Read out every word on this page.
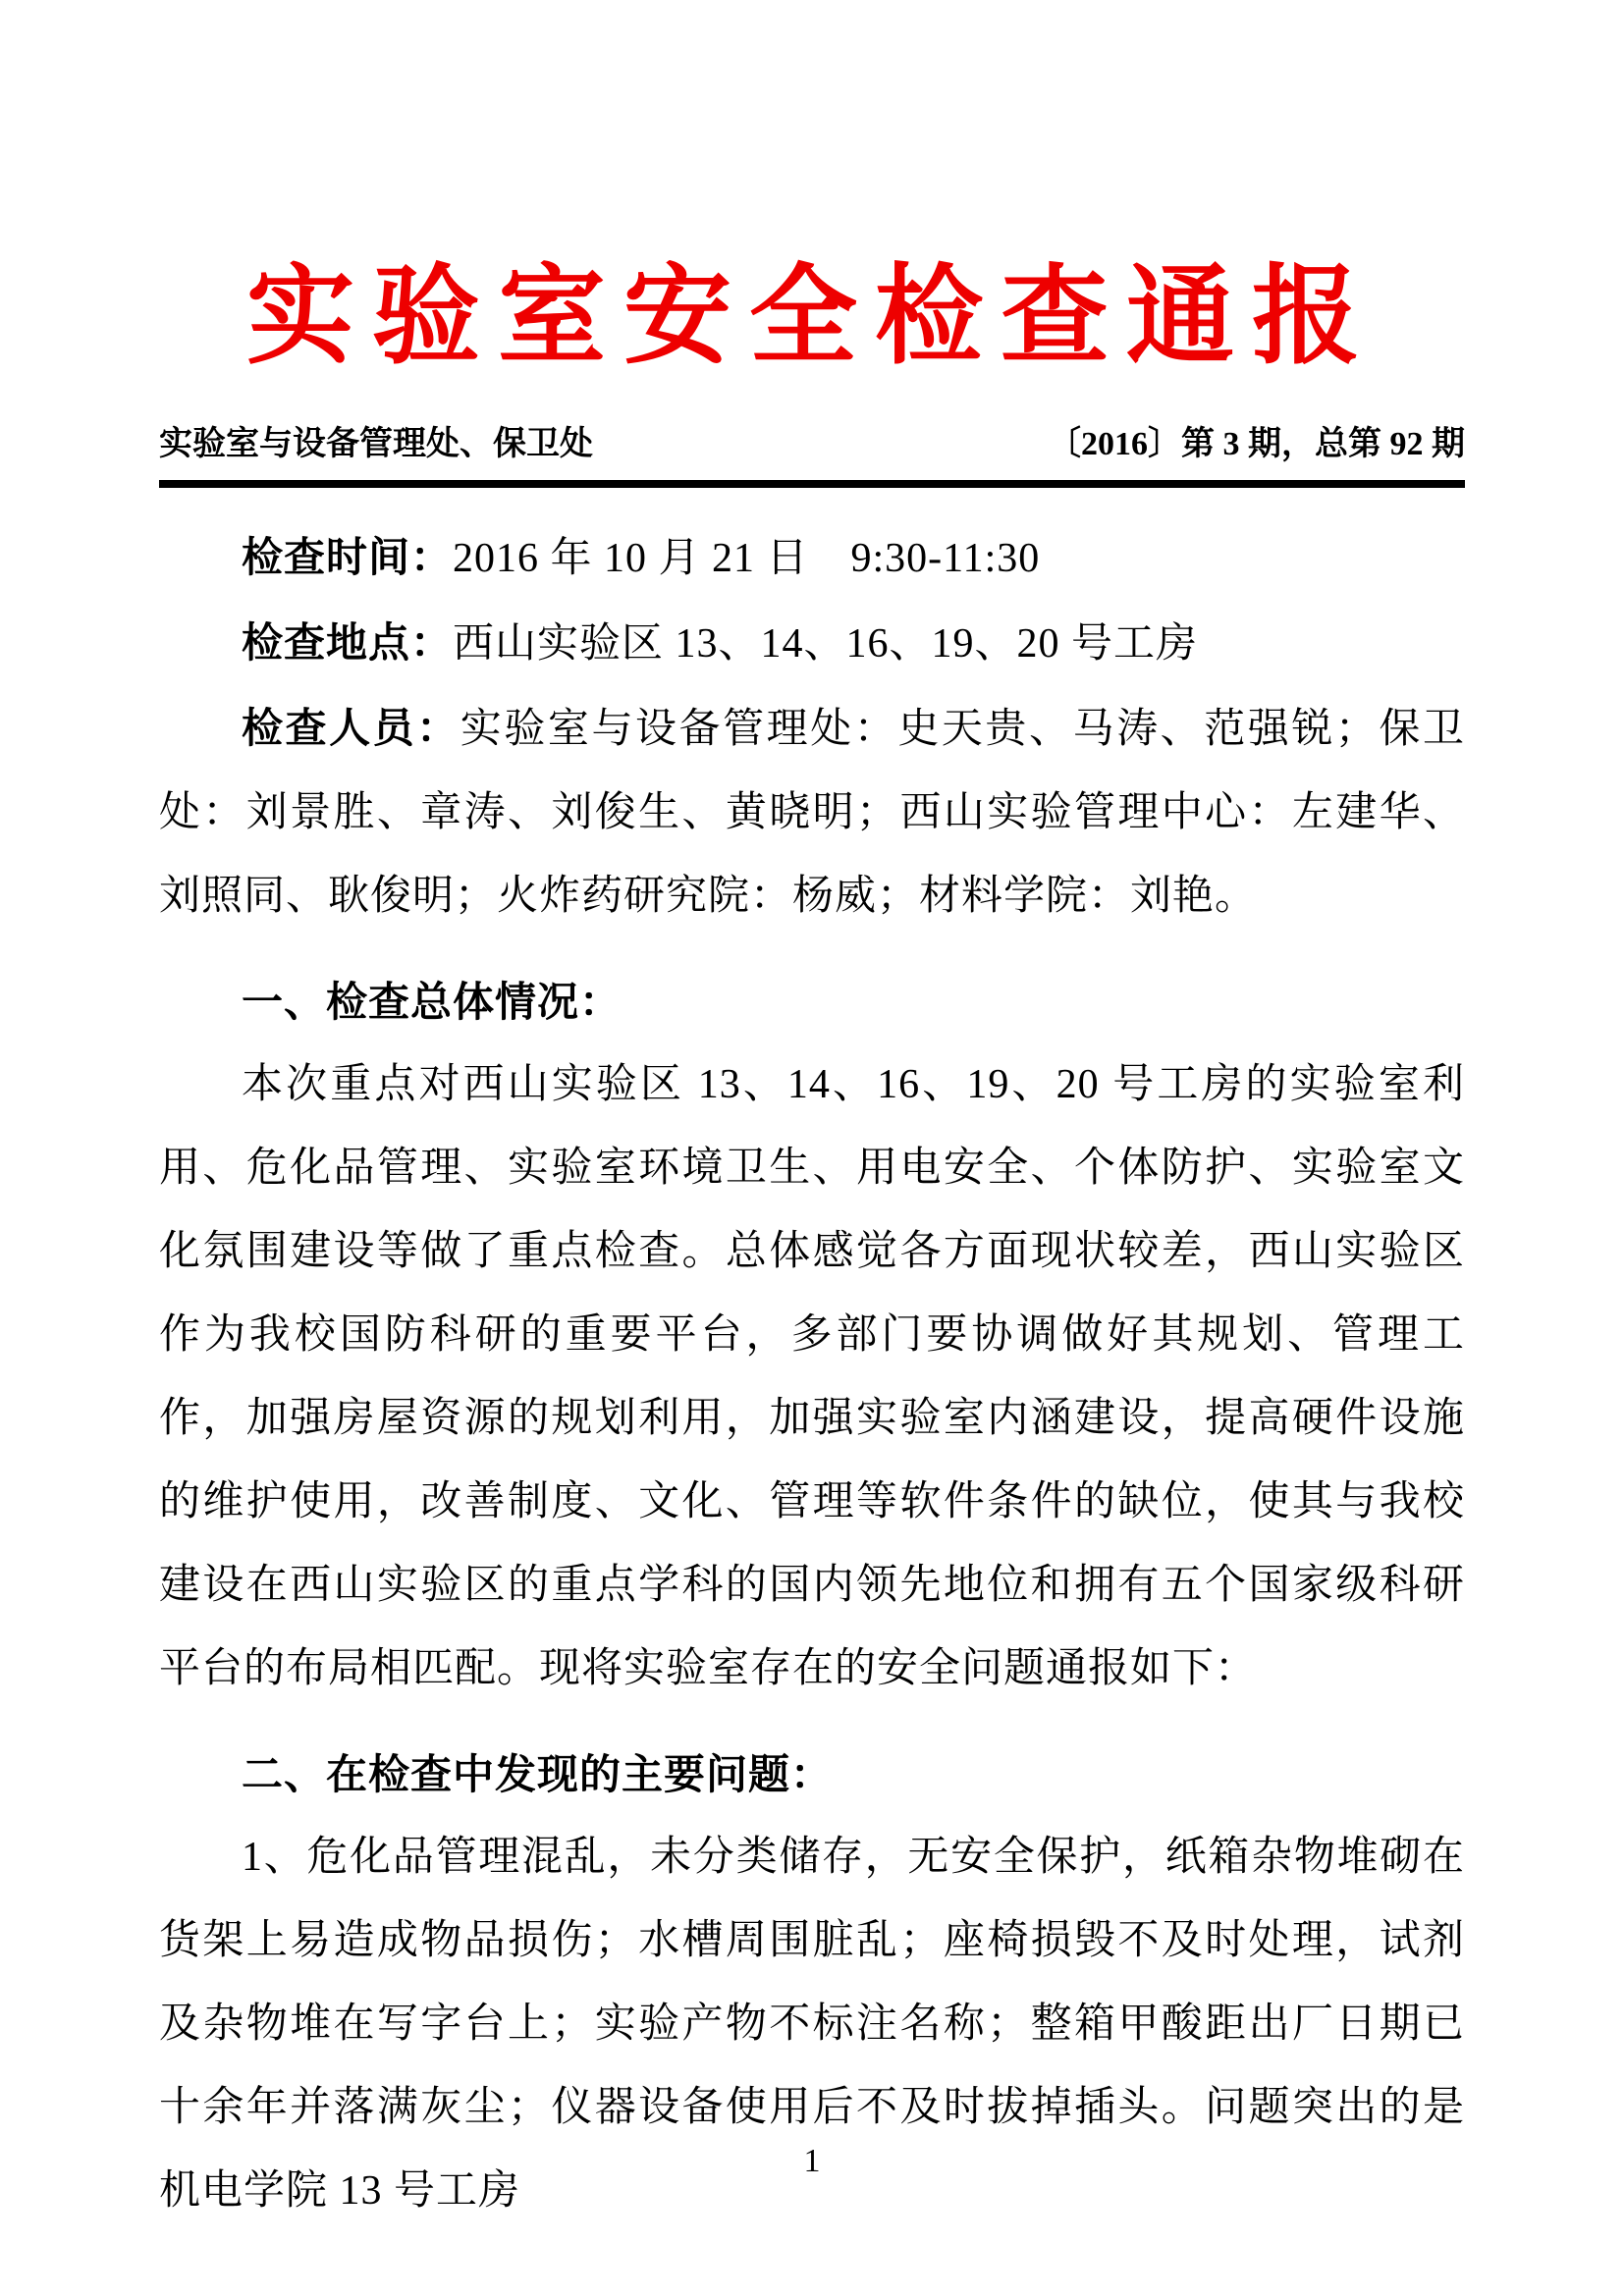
实验室安全检查通报
实验室与设备管理处、保卫处	〔2016〕第 3 期，总第 92 期

检查时间：2016 年 10 月 21 日　9:30-11:30

检查地点：西山实验区 13、14、16、19、20 号工房

检查人员：实验室与设备管理处：史天贵、马涛、范强锐；保卫处：刘景胜、章涛、刘俊生、黄晓明；西山实验管理中心：左建华、刘照同、耿俊明；火炸药研究院：杨威；材料学院：刘艳。

一、检查总体情况：

本次重点对西山实验区 13、14、16、19、20 号工房的实验室利用、危化品管理、实验室环境卫生、用电安全、个体防护、实验室文化氛围建设等做了重点检查。总体感觉各方面现状较差，西山实验区作为我校国防科研的重要平台，多部门要协调做好其规划、管理工作，加强房屋资源的规划利用，加强实验室内涵建设，提高硬件设施的维护使用，改善制度、文化、管理等软件条件的缺位，使其与我校建设在西山实验区的重点学科的国内领先地位和拥有五个国家级科研平台的布局相匹配。现将实验室存在的安全问题通报如下：

二、在检查中发现的主要问题：

1、危化品管理混乱，未分类储存，无安全保护，纸箱杂物堆砌在货架上易造成物品损伤；水槽周围脏乱；座椅损毁不及时处理，试剂及杂物堆在写字台上；实验产物不标注名称；整箱甲酸距出厂日期已十余年并落满灰尘；仪器设备使用后不及时拔掉插头。问题突出的是机电学院 13 号工房

1
